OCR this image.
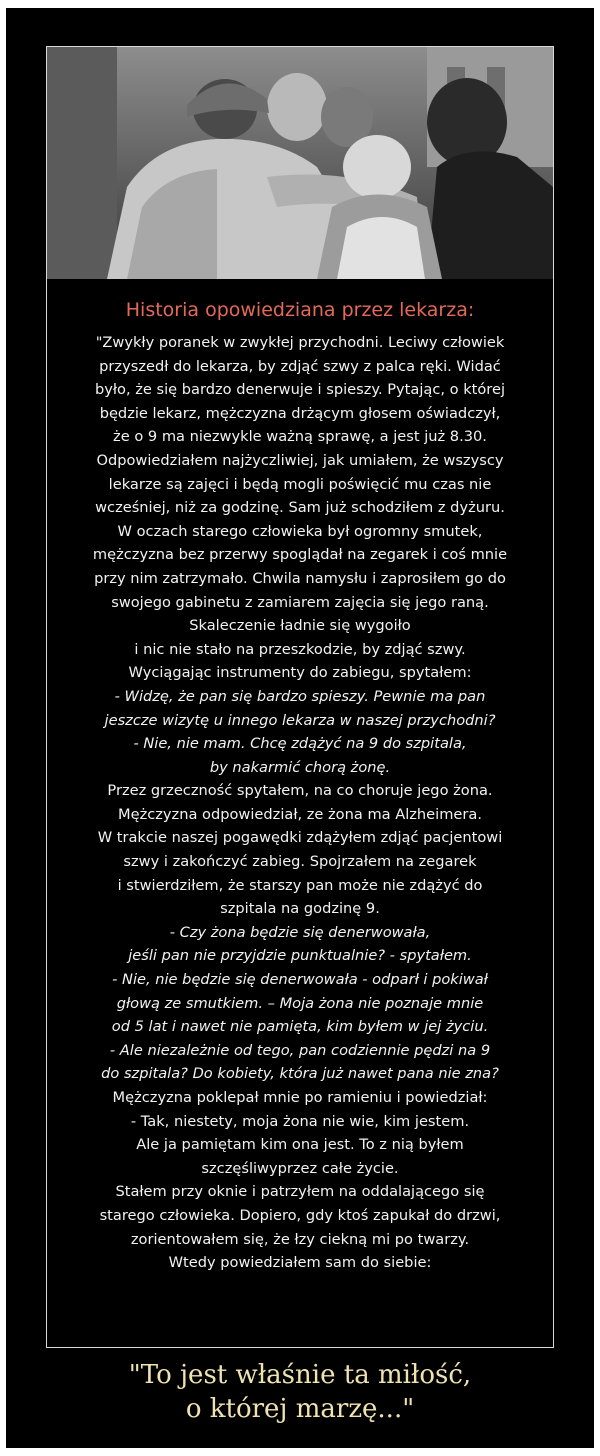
Historia opowiedziana przez lekarza:
"Zwykły poranek w zwykłej przychodni. Leciwy człowiek
przyszedł do lekarza, by zdjąć szwy z palca ręki. Widać
było, że się bardzo denerwuje i spieszy. Pytając, o której
będzie lekarz, mężczyzna drżącym głosem oświadczył,
że o 9 ma niezwykle ważną sprawę, a jest już 8.30.
Odpowiedziałem najżyczliwiej, jak umiałem, że wszyscy
lekarze są zajęci i będą mogli poświęcić mu czas nie
wcześniej, niż za godzinę. Sam już schodziłem z dyżuru.
W oczach starego człowieka był ogromny smutek,
mężczyzna bez przerwy spoglądał na zegarek i coś mnie
przy nim zatrzymało. Chwila namysłu i zaprosiłem go do
swojego gabinetu z zamiarem zajęcia się jego raną.
Skaleczenie ładnie się wygoiło
i nic nie stało na przeszkodzie, by zdjąć szwy.
Wyciągając instrumenty do zabiegu, spytałem:
- Widzę, że pan się bardzo spieszy. Pewnie ma pan
jeszcze wizytę u innego lekarza w naszej przychodni?
- Nie, nie mam. Chcę zdążyć na 9 do szpitala,
by nakarmić chorą żonę.
Przez grzeczność spytałem, na co choruje jego żona.
Mężczyzna odpowiedział, ze żona ma Alzheimera.
W trakcie naszej pogawędki zdążyłem zdjąć pacjentowi
szwy i zakończyć zabieg. Spojrzałem na zegarek
i stwierdziłem, że starszy pan może nie zdążyć do
szpitala na godzinę 9.
- Czy żona będzie się denerwowała,
jeśli pan nie przyjdzie punktualnie? - spytałem.
- Nie, nie będzie się denerwowała - odparł i pokiwał
głową ze smutkiem. – Moja żona nie poznaje mnie
od 5 lat i nawet nie pamięta, kim byłem w jej życiu.
- Ale niezależnie od tego, pan codziennie pędzi na 9
do szpitala? Do kobiety, która już nawet pana nie zna?
Mężczyzna poklepał mnie po ramieniu i powiedział:
- Tak, niestety, moja żona nie wie, kim jestem.
Ale ja pamiętam kim ona jest. To z nią byłem
szczęśliwyprzez całe życie.
Stałem przy oknie i patrzyłem na oddalającego się
starego człowieka. Dopiero, gdy ktoś zapukał do drzwi,
zorientowałem się, że łzy ciekną mi po twarzy.
Wtedy powiedziałem sam do siebie:
"To jest właśnie ta miłość,
o której marzę..."
